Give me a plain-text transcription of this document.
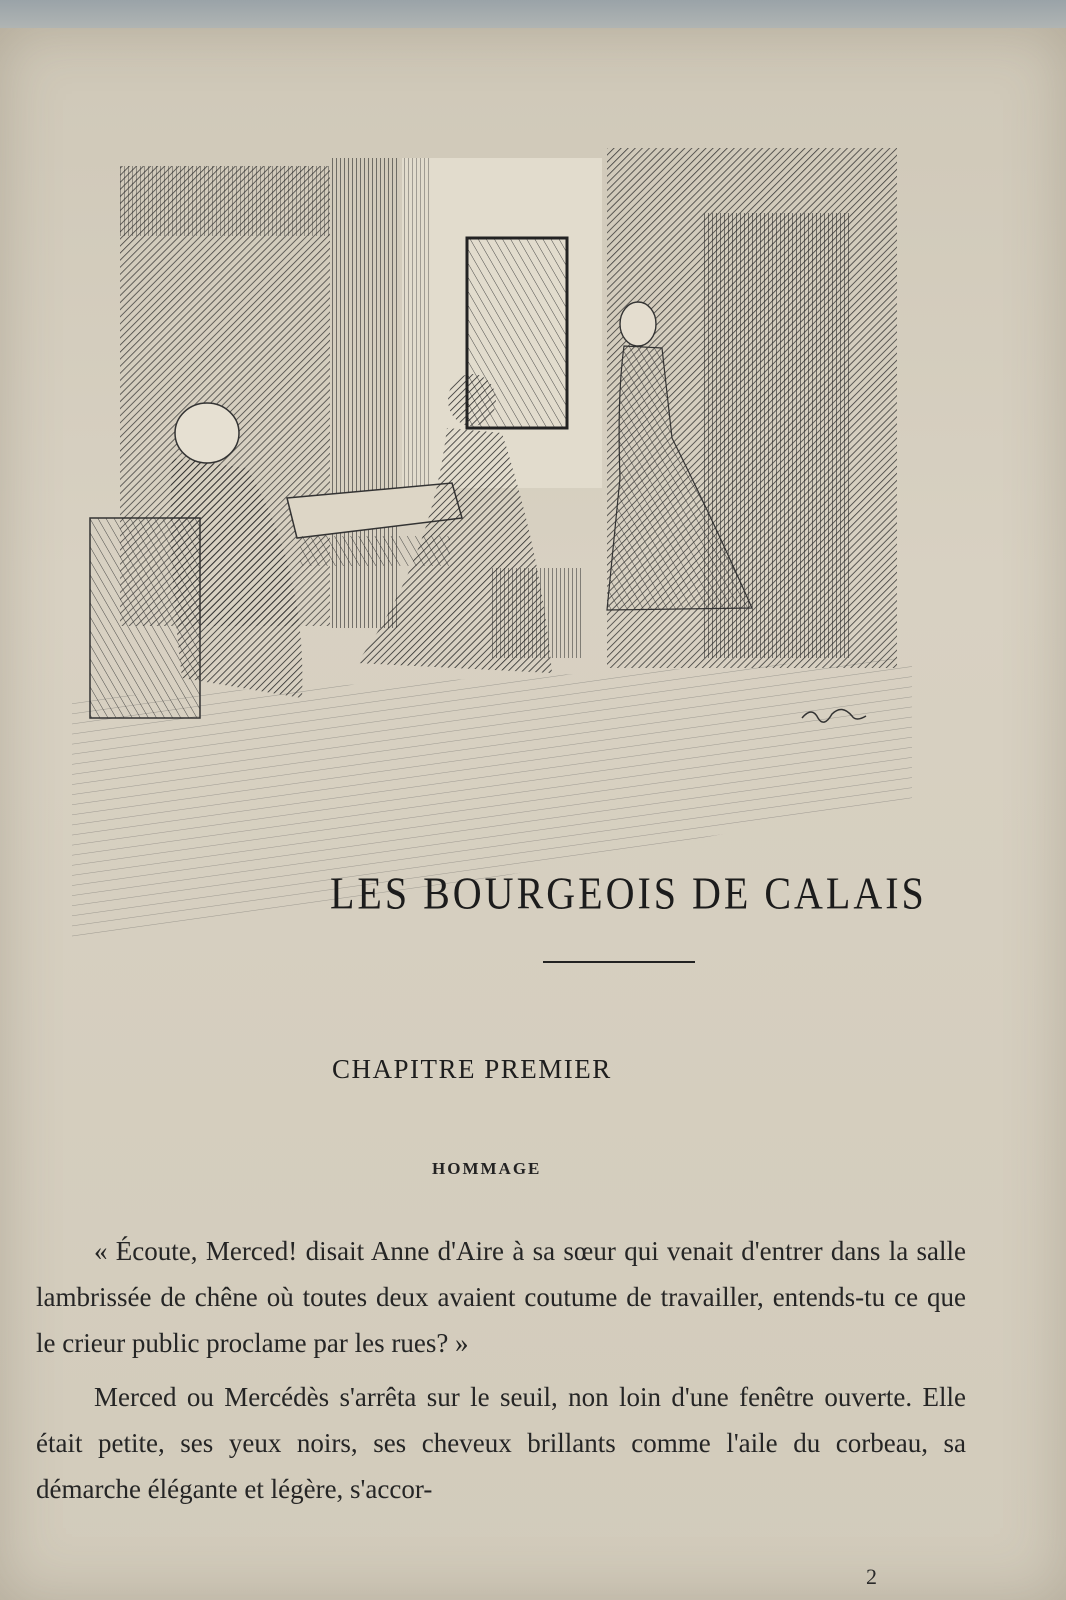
LES BOURGEOIS DE CALAIS
CHAPITRE PREMIER
HOMMAGE

« Écoute, Merced! disait Anne d'Aire à sa sœur qui venait d'entrer dans la salle lambrissée de chêne où toutes deux avaient coutume de travailler, entends-tu ce que le crieur public proclame par les rues? »

Merced ou Mercédès s'arrêta sur le seuil, non loin d'une fenêtre ouverte. Elle était petite, ses yeux noirs, ses cheveux brillants comme l'aile du corbeau, sa démarche élégante et légère, s'accor-

2
